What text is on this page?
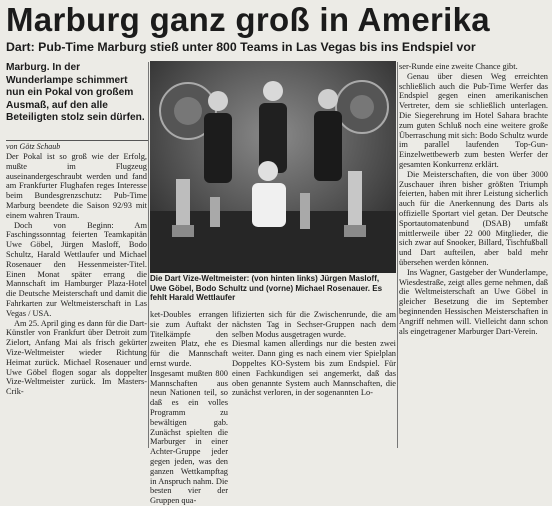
Marburg ganz groß in Amerika
Dart: Pub-Time Marburg stieß unter 800 Teams in Las Vegas bis ins Endspiel vor

Marburg. In der Wunderlampe schimmert nun ein Pokal von großem Ausmaß, auf den alle Beteiligten stolz sein dürfen.

von Götz Schaub

Der Pokal ist so groß wie der Erfolg, mußte im Flugzeug auseinandergeschraubt werden und fand am Frankfurter Flughafen reges Interesse beim Bundesgrenzschutz: Pub-Time Marburg beendete die Saison 92/93 mit einem wahren Traum.

Doch von Beginn: Am Faschingssonntag feierten Teamkapitän Uwe Göbel, Jürgen Masloff, Bodo Schultz, Harald Wettlaufer und Michael Rosenauer den Hessenmeister-Titel. Einen Monat später errang die Mannschaft im Hamburger Plaza-Hotel die Deutsche Meisterschaft und damit die Fahrkarten zur Weltmeisterschaft in Las Vegas / USA.

Am 25. April ging es dann für die Dart-Künstler von Frankfurt über Detroit zum Zielort, Anfang Mai als frisch gekürter Vize-Weltmeister wieder Richtung Heimat zurück. Michael Rosenauer und Uwe Göbel flogen sogar als doppelter Vize-Weltmeister zurück. Im Masters-Crik-

Die Dart Vize-Weltmeister: (von hinten links) Jürgen Masloff, Uwe Göbel, Bodo Schultz und (vorne) Michael Rosenauer. Es fehlt Harald Wettlaufer

ket-Doubles errangen sie zum Auftakt der Titelkämpfe den zweiten Platz, ehe es für die Mannschaft ernst wurde.
Insgesamt mußten 800 Mannschaften aus neun Nationen teil, so daß es ein volles Programm zu bewältigen gab. Zunächst spielten die Marburger in einer Achter-Gruppe jeder gegen jeden, was den ganzen Wettkampftag in Anspruch nahm. Die besten vier der Gruppen qua-

lifizierten sich für die Zwischenrunde, die am nächsten Tag in Sechser-Gruppen nach dem selben Modus ausgetragen wurde.
Diesmal kamen allerdings nur die besten zwei weiter. Dann ging es nach einem vier Spielplan Doppeltes KO-System bis zum Endspiel. Für einen Fachkundigen sei angemerkt, daß das oben genannte System auch Mannschaften, die zunächst verloren, in der sogenannten Lo-

ser-Runde eine zweite Chance gibt.

Genau über diesen Weg erreichten schließlich auch die Pub-Time Werfer das Endspiel gegen einen amerikanischen Vertreter, dem sie schließlich unterlagen. Die Siegerehrung im Hotel Sahara brachte zum guten Schluß noch eine weitere große Überraschung mit sich: Bodo Schultz wurde im parallel laufenden Top-Gun-Einzelwettbewerb zum besten Werfer der gesamten Konkurrenz erklärt.

Die Meisterschaften, die von über 3000 Zuschauer ihren bisher größten Triumph feierten, haben mit ihrer Leistung sicherlich auch für die Anerkennung des Darts als offizielle Sportart viel getan. Der Deutsche Sportautomatenbund (DSAB) umfaßt mittlerweile über 22 000 Mitglieder, die sich zwar auf Snooker, Billard, Tischfußball und Dart aufteilen, aber bald mehr übersehen werden können.

Ins Wagner, Gastgeber der Wunderlampe, Wiesdestraße, zeigt alles gerne nehmen, daß die Weltmeisterschaft an Uwe Göbel in gleicher Besetzung die im September beginnenden Hessischen Meisterschaften in Angriff nehmen will. Vielleicht dann schon als eingetragener Marburger Dart-Verein.
